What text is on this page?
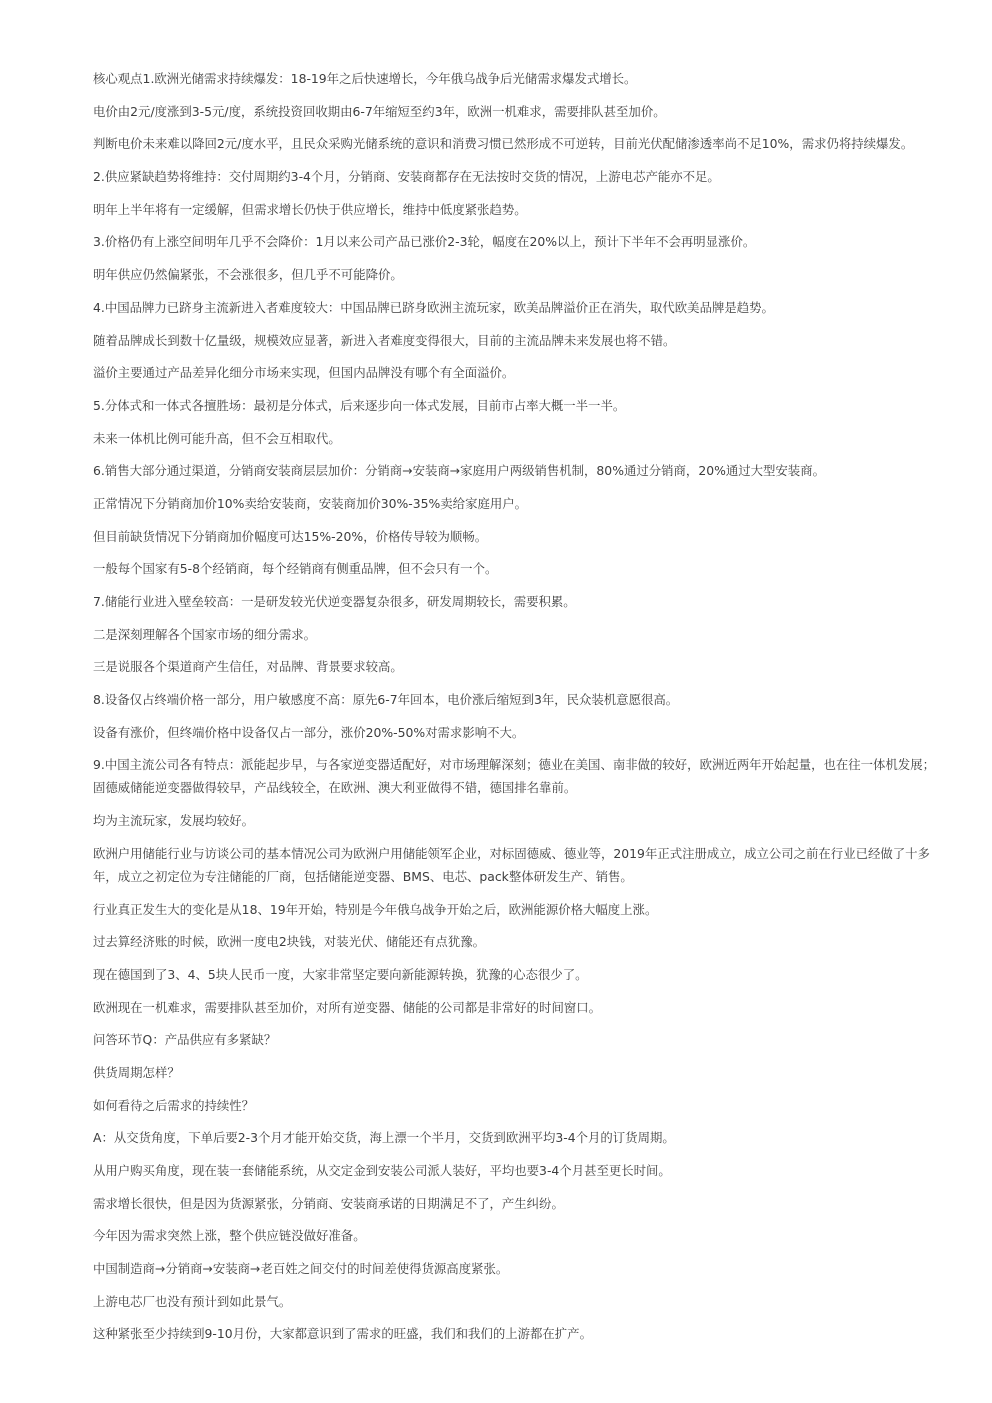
核心观点1.欧洲光储需求持续爆发：18-19年之后快速增长，今年俄乌战争后光储需求爆发式增长。

电价由2元/度涨到3-5元/度，系统投资回收期由6-7年缩短至约3年，欧洲一机难求，需要排队甚至加价。

判断电价未来难以降回2元/度水平，且民众采购光储系统的意识和消费习惯已然形成不可逆转，目前光伏配储渗透率尚不足10%，需求仍将持续爆发。

2.供应紧缺趋势将维持：交付周期约3-4个月，分销商、安装商都存在无法按时交货的情况，上游电芯产能亦不足。

明年上半年将有一定缓解，但需求增长仍快于供应增长，维持中低度紧张趋势。

3.价格仍有上涨空间明年几乎不会降价：1月以来公司产品已涨价2-3轮，幅度在20%以上，预计下半年不会再明显涨价。

明年供应仍然偏紧张，不会涨很多，但几乎不可能降价。

4.中国品牌力已跻身主流新进入者难度较大：中国品牌已跻身欧洲主流玩家，欧美品牌溢价正在消失，取代欧美品牌是趋势。

随着品牌成长到数十亿量级，规模效应显著，新进入者难度变得很大，目前的主流品牌未来发展也将不错。

溢价主要通过产品差异化细分市场来实现，但国内品牌没有哪个有全面溢价。

5.分体式和一体式各擅胜场：最初是分体式，后来逐步向一体式发展，目前市占率大概一半一半。

未来一体机比例可能升高，但不会互相取代。

6.销售大部分通过渠道，分销商安装商层层加价：分销商→安装商→家庭用户两级销售机制，80%通过分销商，20%通过大型安装商。

正常情况下分销商加价10%卖给安装商，安装商加价30%-35%卖给家庭用户。

但目前缺货情况下分销商加价幅度可达15%-20%，价格传导较为顺畅。

一般每个国家有5-8个经销商，每个经销商有侧重品牌，但不会只有一个。

7.储能行业进入壁垒较高：一是研发较光伏逆变器复杂很多，研发周期较长，需要积累。

二是深刻理解各个国家市场的细分需求。

三是说服各个渠道商产生信任，对品牌、背景要求较高。

8.设备仅占终端价格一部分，用户敏感度不高：原先6-7年回本，电价涨后缩短到3年，民众装机意愿很高。

设备有涨价，但终端价格中设备仅占一部分，涨价20%-50%对需求影响不大。

9.中国主流公司各有特点：派能起步早，与各家逆变器适配好，对市场理解深刻；德业在美国、南非做的较好，欧洲近两年开始起量，也在往一体机发展；固德威储能逆变器做得较早，产品线较全，在欧洲、澳大利亚做得不错，德国排名靠前。

均为主流玩家，发展均较好。

欧洲户用储能行业与访谈公司的基本情况公司为欧洲户用储能领军企业，对标固德威、德业等，2019年正式注册成立，成立公司之前在行业已经做了十多年，成立之初定位为专注储能的厂商，包括储能逆变器、BMS、电芯、pack整体研发生产、销售。

行业真正发生大的变化是从18、19年开始，特别是今年俄乌战争开始之后，欧洲能源价格大幅度上涨。

过去算经济账的时候，欧洲一度电2块钱，对装光伏、储能还有点犹豫。

现在德国到了3、4、5块人民币一度，大家非常坚定要向新能源转换，犹豫的心态很少了。

欧洲现在一机难求，需要排队甚至加价，对所有逆变器、储能的公司都是非常好的时间窗口。

问答环节Q：产品供应有多紧缺？

供货周期怎样？

如何看待之后需求的持续性？

A：从交货角度，下单后要2-3个月才能开始交货，海上漂一个半月，交货到欧洲平均3-4个月的订货周期。

从用户购买角度，现在装一套储能系统，从交定金到安装公司派人装好，平均也要3-4个月甚至更长时间。

需求增长很快，但是因为货源紧张，分销商、安装商承诺的日期满足不了，产生纠纷。

今年因为需求突然上涨，整个供应链没做好准备。

中国制造商→分销商→安装商→老百姓之间交付的时间差使得货源高度紧张。

上游电芯厂也没有预计到如此景气。

这种紧张至少持续到9-10月份，大家都意识到了需求的旺盛，我们和我们的上游都在扩产。
